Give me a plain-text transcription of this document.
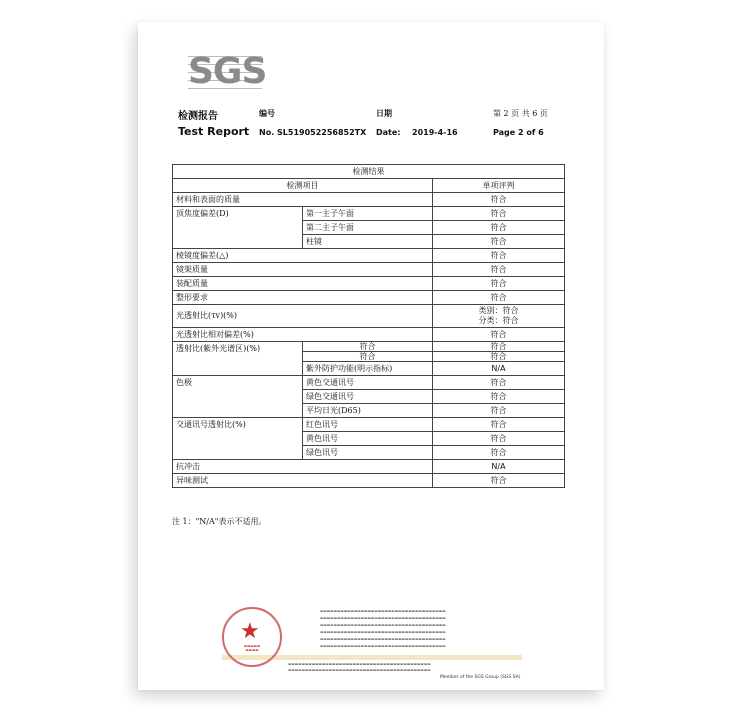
SGS
检测报告
Test Report
编号
No. SL519052256852TX
日期
Date: 2019-4-16
第 2 页 共 6 页
Page 2 of 6
检测结果		
检测项目		单项评判
材料和表面的质量		符合
顶焦度偏差(D)	第一主子午面	符合
	第二主子午面	符合
	柱镜	符合
棱镜度偏差(△)		符合
镜架质量		符合
装配质量		符合
整形要求		符合
光透射比(τv)(%)		类别：符合
分类：符合

光透射比相对偏差(%)		符合
透射比(紫外光谱区)(%)	符合	符合
	符合	符合
	紫外防护功能(明示指标)	N/A
色极	黄色交通讯号	符合
	绿色交通讯号	符合
	平均日光(D65)	符合
交通讯号透射比(%)	红色讯号	符合
	黄色讯号	符合
	绿色讯号	符合
抗冲击		N/A
异味测试		符合
注 1："N/A"表示不适用。
★
▬▬▬▬▬
▬▬▬▬
▬▬▬▬▬▬▬▬▬▬▬▬▬▬▬▬▬▬▬▬▬▬▬▬▬▬▬▬▬▬▬▬▬▬▬▬▬
▬▬▬▬▬▬▬▬▬▬▬▬▬▬▬▬▬▬▬▬▬▬▬▬▬▬▬▬▬▬▬▬▬▬▬▬▬
▬▬▬▬▬▬▬▬▬▬▬▬▬▬▬▬▬▬▬▬▬▬▬▬▬▬▬▬▬▬▬▬▬▬▬▬▬
▬▬▬▬▬▬▬▬▬▬▬▬▬▬▬▬▬▬▬▬▬▬▬▬▬▬▬▬▬▬▬▬▬▬▬▬▬
▬▬▬▬▬▬▬▬▬▬▬▬▬▬▬▬▬▬▬▬▬▬▬▬▬▬▬▬▬▬▬▬▬▬▬▬▬
▬▬▬▬▬▬▬▬▬▬▬▬▬▬▬▬▬▬▬▬▬▬▬▬▬▬▬▬▬▬▬▬▬▬▬▬▬
▬▬▬▬▬▬▬▬▬▬▬▬▬▬▬▬▬▬▬▬▬▬▬▬▬▬▬▬▬▬▬▬▬▬▬▬▬▬▬▬▬▬
▬▬▬▬▬▬▬▬▬▬▬▬▬▬▬▬▬▬▬▬▬▬▬▬▬▬▬▬▬▬▬▬▬▬▬▬▬▬▬▬▬▬
Member of the SGS Group (SGS SA)
